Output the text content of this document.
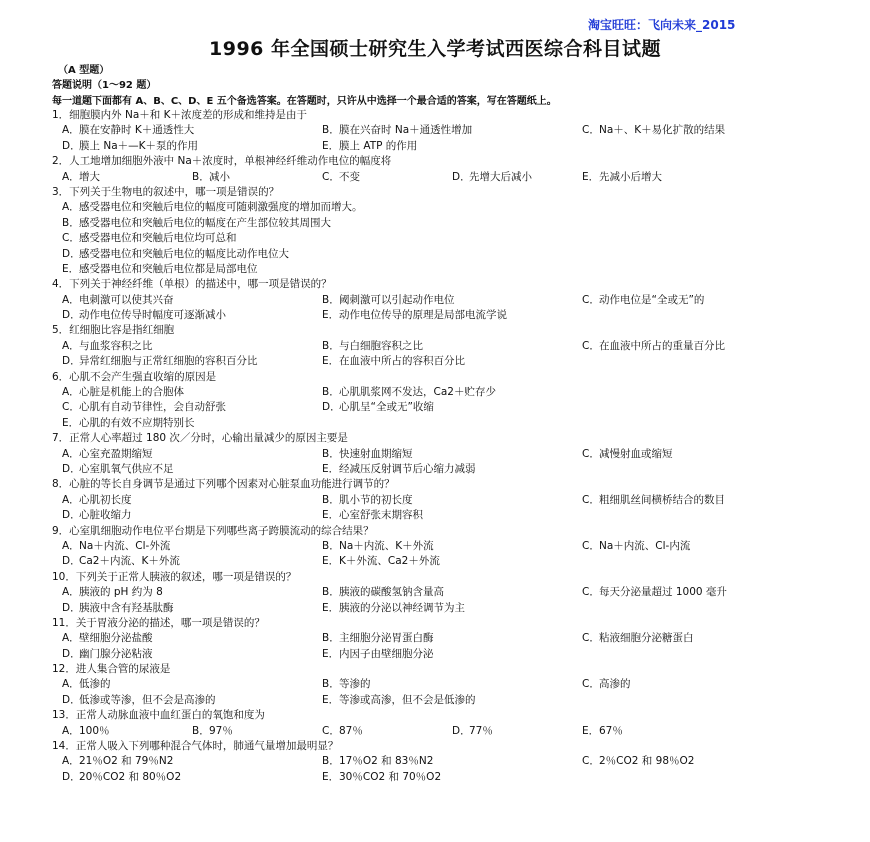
淘宝旺旺：飞向未来_2015
1996 年全国硕士研究生入学考试西医综合科目试题
（A 型题）
答题说明（1～92 题）
每一道题下面都有 A、B、C、D、E 五个备选答案。在答题时，只许从中选择一个最合适的答案，写在答题纸上。
1．细胞膜内外 Na＋和 K＋浓度差的形成和维持是由于
A．膜在安静时 K＋通透性大	B．膜在兴奋时 Na＋通透性增加	C．Na＋、K＋易化扩散的结果
D．膜上 Na＋—K＋泵的作用	E．膜上 ATP 的作用
2．人工地增加细胞外液中 Na＋浓度时，单根神经纤维动作电位的幅度将
A．增大	B．减小	C．不变	D．先增大后减小	E．先减小后增大
3．下列关于生物电的叙述中，哪一项是错误的？
A．感受器电位和突触后电位的幅度可随刺激强度的增加而增大。
B．感受器电位和突触后电位的幅度在产生部位较其周围大
C．感受器电位和突触后电位均可总和
D．感受器电位和突触后电位的幅度比动作电位大
E．感受器电位和突触后电位都是局部电位
4．下列关于神经纤维（单根）的描述中，哪一项是错误的？
A．电刺激可以使其兴奋	B．阈刺激可以引起动作电位	C．动作电位是“全或无”的
D．动作电位传导时幅度可逐渐减小	E．动作电位传导的原理是局部电流学说
5．红细胞比容是指红细胞
A．与血浆容积之比	B．与白细胞容积之比	C．在血液中所占的重量百分比
D．异常红细胞与正常红细胞的容积百分比	E．在血液中所占的容积百分比
6．心肌不会产生强直收缩的原因是
A．心脏是机能上的合胞体	B．心肌肌浆网不发达，Ca2＋贮存少
C．心肌有自动节律性，会自动舒张	D．心肌呈“全或无”收缩
E．心肌的有效不应期特别长
7．正常人心率超过 180 次／分时，心输出量减少的原因主要是
A．心室充盈期缩短	B．快速射血期缩短	C．减慢射血或缩短
D．心室肌氧气供应不足	E．经减压反射调节后心缩力减弱
8．心脏的等长自身调节是通过下列哪个因素对心脏泵血功能进行调节的？
A．心肌初长度	B．肌小节的初长度	C．粗细肌丝间横桥结合的数目
D．心脏收缩力	E．心室舒张末期容积
9．心室肌细胞动作电位平台期是下列哪些离子跨膜流动的综合结果？
A．Na＋内流、Cl-外流	B．Na＋内流、K＋外流	C．Na＋内流、Cl-内流
D．Ca2＋内流、K＋外流	E．K＋外流、Ca2＋外流
10．下列关于正常人胰液的叙述，哪一项是错误的？
A．胰液的 pH 约为 8	B．胰液的碳酸氢钠含量高	C．每天分泌量超过 1000 毫升
D．胰液中含有羟基肽酶	E．胰液的分泌以神经调节为主
11．关于胃液分泌的描述，哪一项是错误的？
A．壁细胞分泌盐酸	B．主细胞分泌胃蛋白酶	C．粘液细胞分泌糖蛋白
D．幽门腺分泌粘液	E．内因子由壁细胞分泌
12．进人集合管的尿液是
A．低渗的	B．等渗的	C．高渗的
D．低渗或等渗，但不会是高渗的	E．等渗或高渗，但不会是低渗的
13．正常人动脉血液中血红蛋白的氧饱和度为
A．100％	B．97％	C．87％	D．77％	E．67％
14．正常人吸入下列哪种混合气体时，肺通气量增加最明显？
A．21％O2 和 79％N2	B．17％O2 和 83％N2	C．2％CO2 和 98％O2
D．20％CO2 和 80％O2	E．30％CO2 和 70％O2
